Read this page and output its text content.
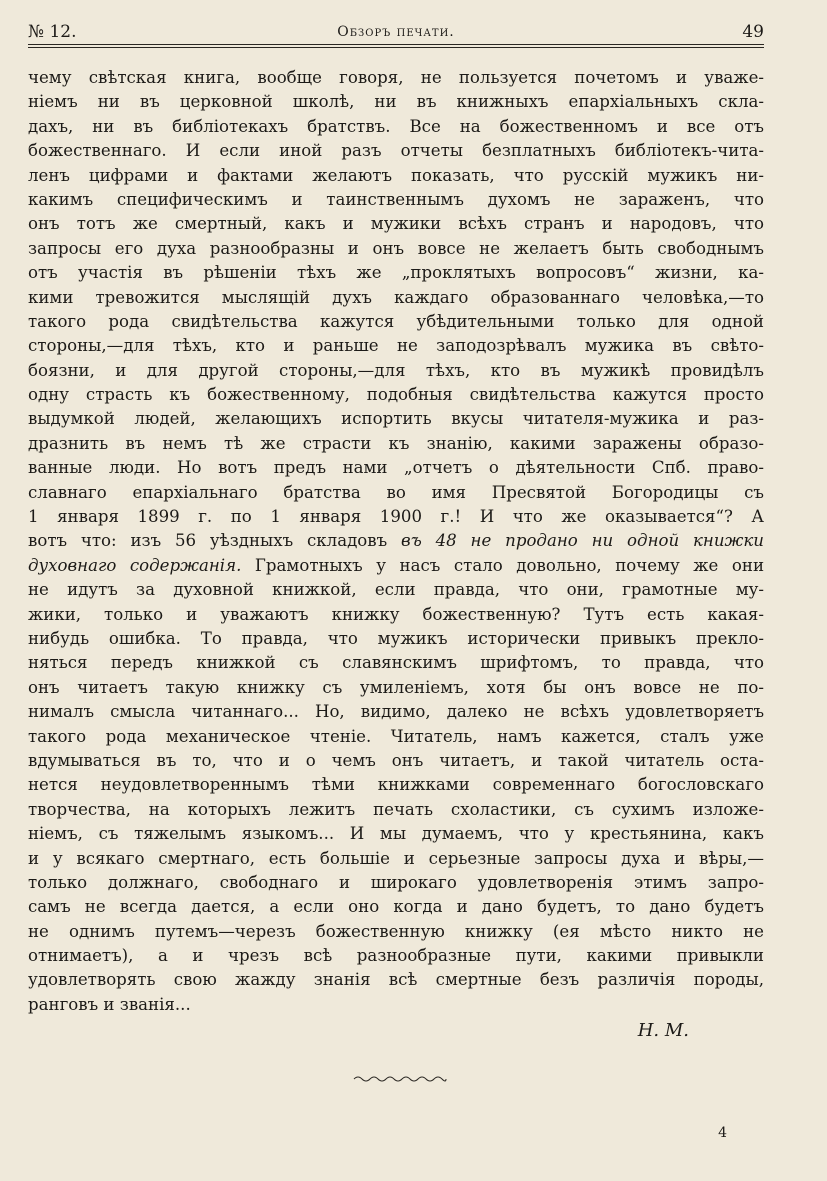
№ 12.	Обзоръ печати.	49
чему свѣтская книга, вообще говоря, не пользуется почетомъ и уваже-
ніемъ ни въ церковной школѣ, ни въ книжныхъ епархіальныхъ скла-
дахъ, ни въ библіотекахъ братствъ. Все на божественномъ и все отъ
божественнаго. И если иной разъ отчеты безплатныхъ библіотекъ-чита-
ленъ цифрами и фактами желаютъ показать, что русскій мужикъ ни-
какимъ специфическимъ и таинственнымъ духомъ не зараженъ, что
онъ тотъ же смертный, какъ и мужики всѣхъ странъ и народовъ, что
запросы его духа разнообразны и онъ вовсе не желаетъ быть свободнымъ
отъ участія въ рѣшеніи тѣхъ же „проклятыхъ вопросовъ“ жизни, ка-
кими тревожится мыслящій духъ каждаго образованнаго человѣка,—то
такого рода свидѣтельства кажутся убѣдительными только для одной
стороны,—для тѣхъ, кто и раньше не заподозрѣвалъ мужика въ свѣто-
боязни, и для другой стороны,—для тѣхъ, кто въ мужикѣ провидѣлъ
одну страсть къ божественному, подобныя свидѣтельства кажутся просто
выдумкой людей, желающихъ испортить вкусы читателя-мужика и раз-
дразнить въ немъ тѣ же страсти къ знанію, какими заражены образо-
ванные люди. Но вотъ предъ нами „отчетъ о дѣятельности Спб. право-
славнаго епархіальнаго братства во имя Пресвятой Богородицы съ
1 января 1899 г. по 1 января 1900 г.! И что же оказывается“? А
вотъ что: изъ 56 уѣздныхъ складовъ въ 48 не продано ни одной книжки
духовнаго содержанія. Грамотныхъ у насъ стало довольно, почему же они
не идутъ за духовной книжкой, если правда, что они, грамотные му-
жики, только и уважаютъ книжку божественную? Тутъ есть какая-
нибудь ошибка. То правда, что мужикъ исторически привыкъ прекло-
няться передъ книжкой съ славянскимъ шрифтомъ, то правда, что
онъ читаетъ такую книжку съ умиленіемъ, хотя бы онъ вовсе не по-
нималъ смысла читаннаго... Но, видимо, далеко не всѣхъ удовлетворяетъ
такого рода механическое чтеніе. Читатель, намъ кажется, сталъ уже
вдумываться въ то, что и о чемъ онъ читаетъ, и такой читатель оста-
нется неудовлетвореннымъ тѣми книжками современнаго богословскаго
творчества, на которыхъ лежитъ печать схоластики, съ сухимъ изложе-
ніемъ, съ тяжелымъ языкомъ... И мы думаемъ, что у крестьянина, какъ
и у всякаго смертнаго, есть большіе и серьезные запросы духа и вѣры,—
только должнаго, свободнаго и широкаго удовлетворенія этимъ запро-
самъ не всегда дается, а если оно когда и дано будетъ, то дано будетъ
не однимъ путемъ—черезъ божественную книжку (ея мѣсто никто не
отнимаетъ), а и чрезъ всѣ разнообразные пути, какими привыкли
удовлетворять свою жажду знанія всѣ смертные безъ различія породы,
ранговъ и званія...
Н. М.
4
